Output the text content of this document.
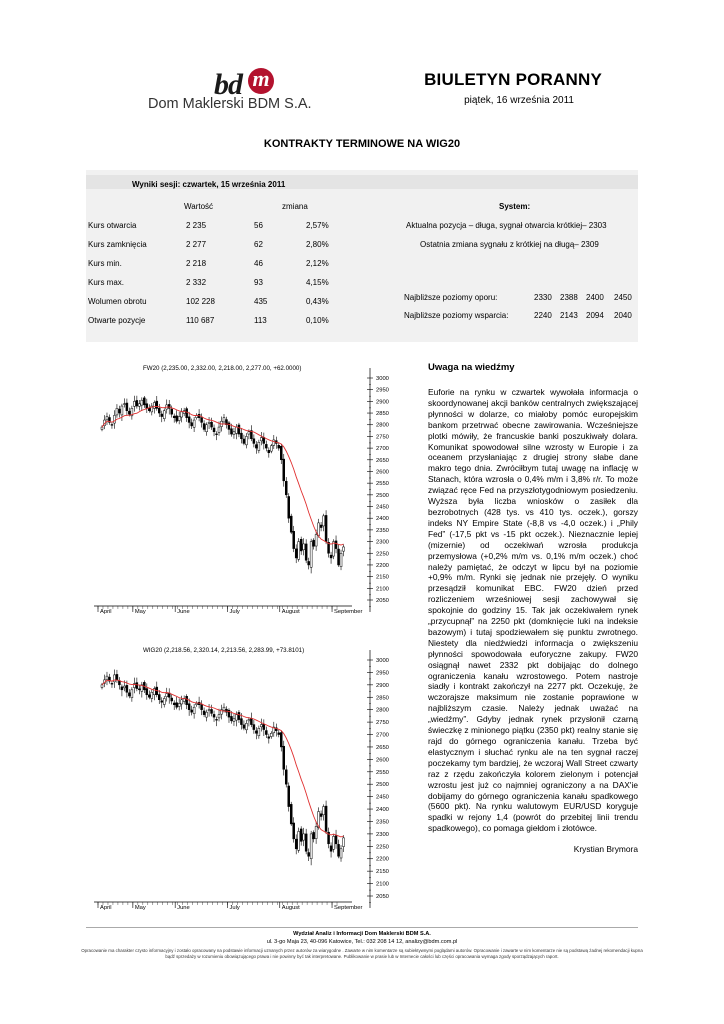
bd m
Dom Maklerski BDM S.A.
BIULETYN PORANNY
piątek, 16 września 2011
KONTRAKTY TERMINOWE NA WIG20
Wyniki sesji: czwartek, 15 września 2011
Wartość	zmiana	System:
Kurs otwarcia	2 235	56	2,57%
Kurs zamknięcia	2 277	62	2,80%
Kurs min.	2 218	46	2,12%
Kurs max.	2 332	93	4,15%
Wolumen obrotu	102 228	435	0,43%
Otwarte pozycje	110 687	113	0,10%
Aktualna pozycja – długa, sygnał otwarcia krótkiej– 2303
Ostatnia zmiana sygnału z krótkiej na długą– 2309
Najbliższe poziomy oporu:	2330 2388 2400 2450
Najbliższe poziomy wsparcia:	2240 2143 2094 2040
FW20 (2,235.00, 2,332.00, 2,218.00, 2,277.00, +62.0000)
3000
2950
2900
2850
2800
2750
2700
2650
2600
2550
2500
2450
2400
2350
2300
2250
2200
2150
2100
2050
April	May	June	July	August	September
WIG20 (2,218.56, 2,320.14, 2,213.56, 2,283.99, +73.8101)
3000
2950
2900
2850
2800
2750
2700
2650
2600
2550
2500
2450
2400
2350
2300
2250
2200
2150
2100
2050
April	May	June	July	August	September
Uwaga na wiedźmy
Euforie na rynku w czwartek wywołała informacja o skoordynowanej akcji banków centralnych zwiększającej płynności w dolarze, co miałoby pomóc europejskim bankom przetrwać obecne zawirowania. Wcześniejsze plotki mówiły, że francuskie banki poszukiwały dolara. Komunikat spowodował silne wzrosty w Europie i za oceanem przysłaniając z drugiej strony słabe dane makro tego dnia. Zwróciłbym tutaj uwagę na inflację w Stanach, która wzrosła o 0,4% m/m i 3,8% r/r. To może związać ręce Fed na przyszłotygodniowym posiedzeniu. Wyższa była liczba wniosków o zasiłek dla bezrobotnych (428 tys. vs 410 tys. oczek.), gorszy indeks NY Empire State (-8,8 vs -4,0 oczek.) i „Phily Fed” (-17,5 pkt vs -15 pkt oczek.). Nieznacznie lepiej (mizernie) od oczekiwań wzrosła produkcja przemysłowa (+0,2% m/m vs. 0,1% m/m oczek.) choć należy pamiętać, że odczyt w lipcu był na poziomie +0,9% m/m. Rynki się jednak nie przejęły. O wyniku przesądził komunikat EBC. FW20 dzień przed rozliczeniem wrześniowej sesji zachowywał się spokojnie do godziny 15. Tak jak oczekiwałem rynek „przycupnął” na 2250 pkt (domknięcie luki na indeksie bazowym) i tutaj spodziewałem się punktu zwrotnego. Niestety dla niedźwiedzi informacja o zwiększeniu płynności spowodowała euforyczne zakupy. FW20 osiągnął nawet 2332 pkt dobijając do dolnego ograniczenia kanału wzrostowego. Potem nastroje siadły i kontrakt zakończył na 2277 pkt. Oczekuję, że wczorajsze maksimum nie zostanie poprawione w najbliższym czasie. Należy jednak uważać na „wiedźmy”. Gdyby jednak rynek przysłonił czarną świeczkę z minionego piątku (2350 pkt) realny stanie się rajd do górnego ograniczenia kanału. Trzeba być elastycznym i słuchać rynku ale na ten sygnał raczej poczekamy tym bardziej, że wczoraj Wall Street czwarty raz z rzędu zakończyła kolorem zielonym i potencjał wzrostu jest już co najmniej ograniczony a na DAX'ie dobijamy do górnego ograniczenia kanału spadkowego (5600 pkt). Na rynku walutowym EUR/USD koryguje spadki w rejony 1,4 (powrót do przebitej linii trendu spadkowego), co pomaga giełdom i złotówce.
Krystian Brymora
Wydział Analiz i Informacji Dom Maklerski BDM S.A.
ul. 3-go Maja 23, 40-096 Katowice, Tel.: 032 208 14 12, analizy@bdm.com.pl
Opracowanie ma charakter czysto informacyjny i zostało opracowany na podstawie informacji uznanych przez autorów za wiarygodne . Zawarte w nim komentarze są subiektywnymi poglądami autorów. Opracowanie i zawarte w nim komentarze nie są podstawą żadnej rekomendacji kupna bądź sprzedaży w rozumieniu obowiązującego prawa i nie powinny być tak interpretowane. Publikowanie w prasie lub w Internecie całości lub części opracowania wymaga zgody sporządzających raport.
